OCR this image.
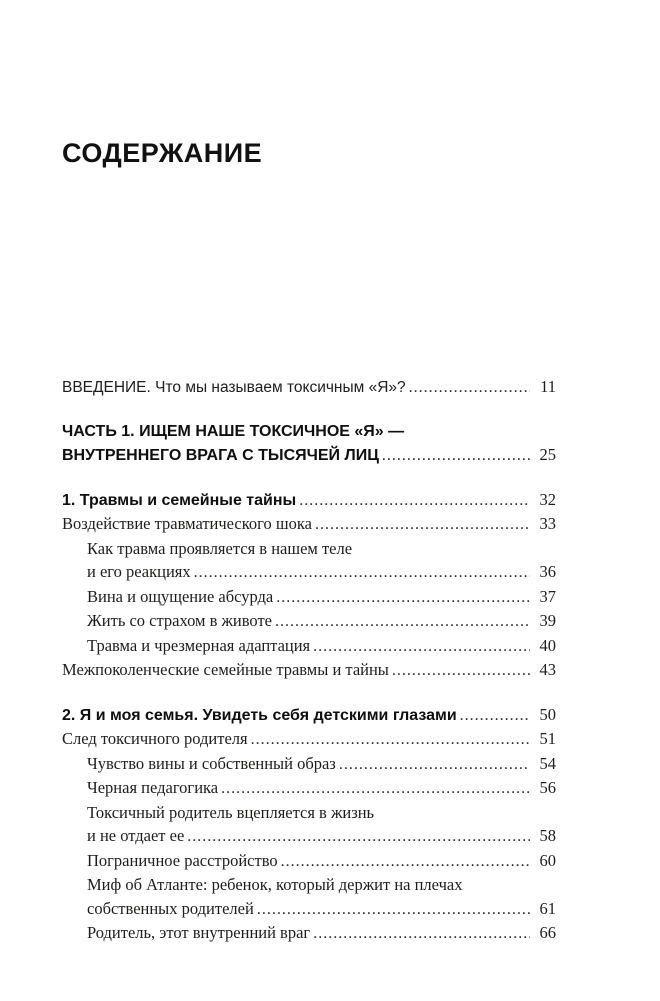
СОДЕРЖАНИЕ
ВВЕДЕНИЕ. Что мы называем токсичным «Я»? .....	11
ЧАСТЬ 1. ИЩЕМ НАШЕ ТОКСИЧНОЕ «Я» —
ВНУТРЕННЕГО ВРАГА С ТЫСЯЧЕЙ ЛИЦ .....	25
1. Травмы и семейные тайны .....	32
Воздействие травматического шока .....	33
Как травма проявляется в нашем теле
и его реакциях .....	36
Вина и ощущение абсурда .....	37
Жить со страхом в животе .....	39
Травма и чрезмерная адаптация .....	40
Межпоколенческие семейные травмы и тайны .....	43
2. Я и моя семья. Увидеть себя детскими глазами .....	50
След токсичного родителя .....	51
Чувство вины и собственный образ .....	54
Черная педагогика .....	56
Токсичный родитель вцепляется в жизнь
и не отдает ее .....	58
Пограничное расстройство .....	60
Миф об Атланте: ребенок, который держит на плечах
собственных родителей .....	61
Родитель, этот внутренний враг .....	66
